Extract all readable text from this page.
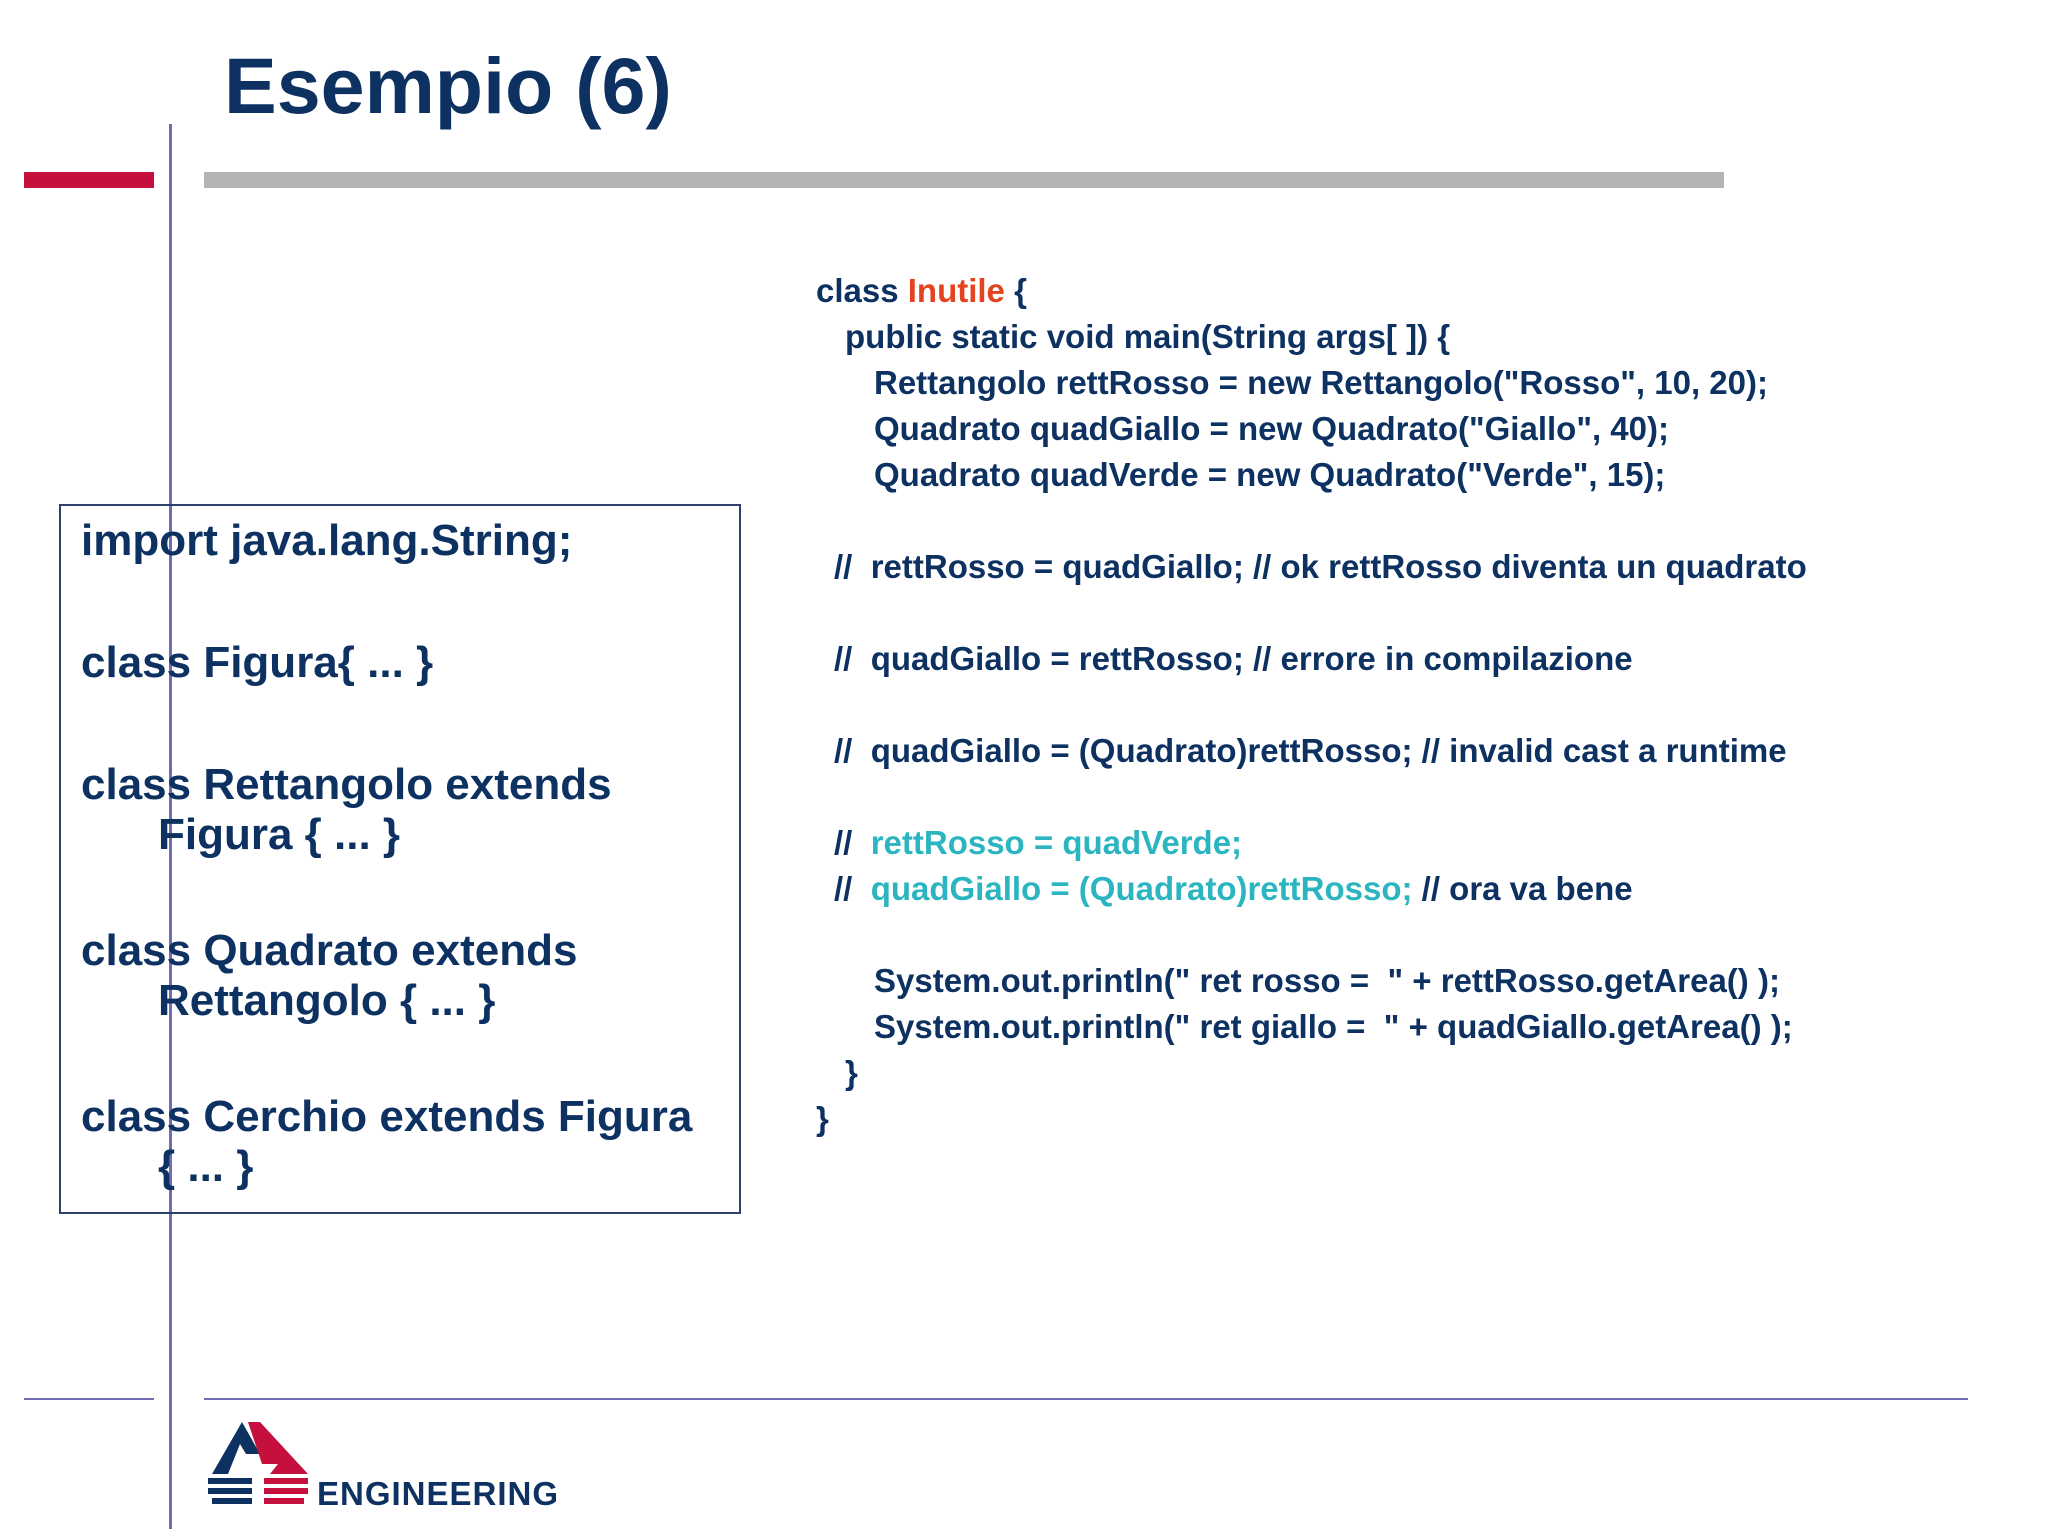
Esempio (6)
import java.lang.String;
class Figura{ ... }
class Rettangolo extends
Figura { ... }
class Quadrato extends
Rettangolo { ... }
class Cerchio extends Figura
{ ... }
class Inutile {
public static void main(String args[ ]) {
Rettangolo rettRosso = new Rettangolo("Rosso", 10, 20);
Quadrato quadGiallo = new Quadrato("Giallo", 40);
Quadrato quadVerde = new Quadrato("Verde", 15);
// rettRosso = quadGiallo; // ok rettRosso diventa un quadrato
// quadGiallo = rettRosso; // errore in compilazione
// quadGiallo = (Quadrato)rettRosso; // invalid cast a runtime
// rettRosso = quadVerde;
// quadGiallo = (Quadrato)rettRosso; // ora va bene
System.out.println(" ret rosso =  " + rettRosso.getArea() );
System.out.println(" ret giallo =  " + quadGiallo.getArea() );
}
}
ENGINEERING
